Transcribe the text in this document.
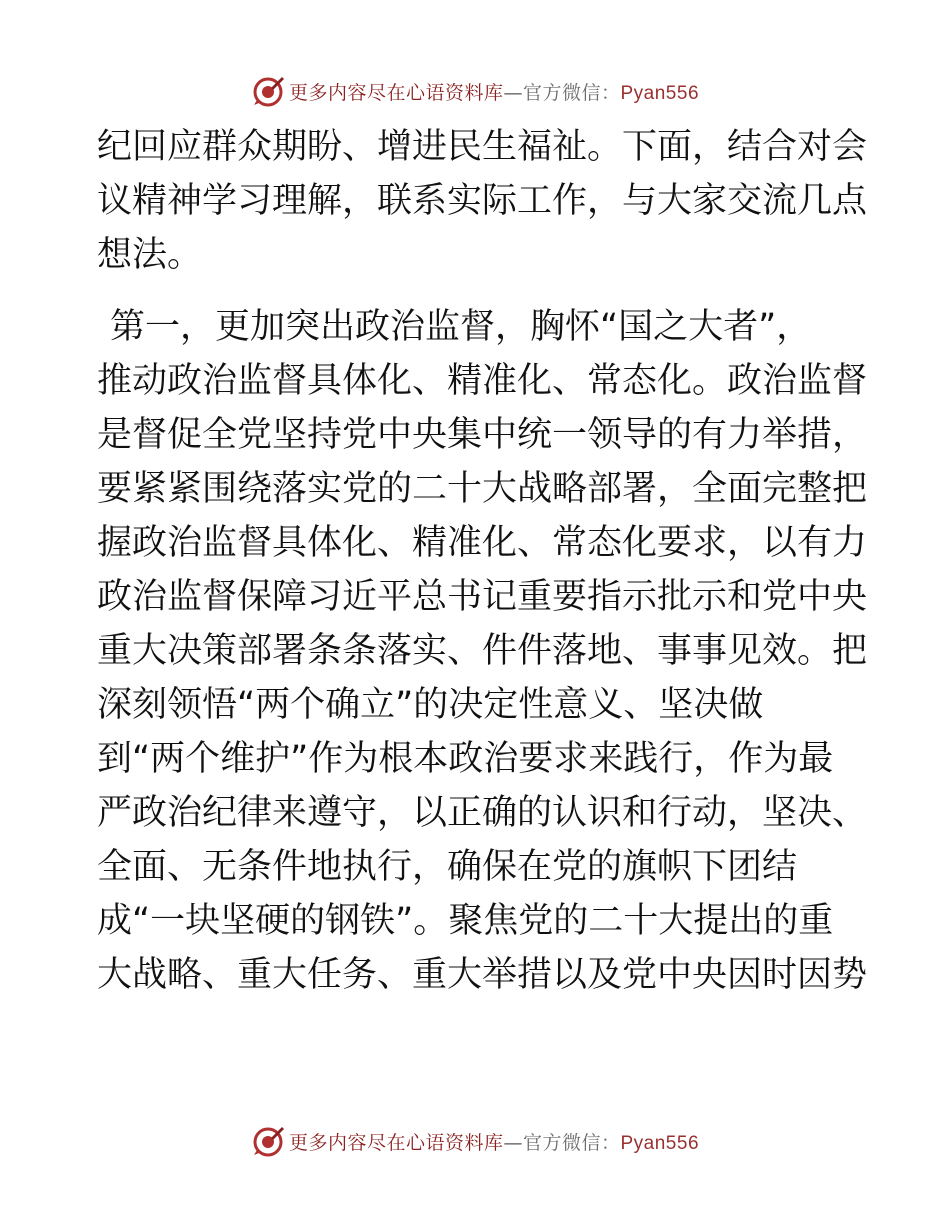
更多内容尽在心语资料库—官方微信：Pyan556
纪回应群众期盼、增进民生福祉。下面，结合对会
议精神学习理解，联系实际工作，与大家交流几点
想法。
第一，更加突出政治监督，胸怀“国之大者”，
推动政治监督具体化、精准化、常态化。政治监督
是督促全党坚持党中央集中统一领导的有力举措，
要紧紧围绕落实党的二十大战略部署，全面完整把
握政治监督具体化、精准化、常态化要求，以有力
政治监督保障习近平总书记重要指示批示和党中央
重大决策部署条条落实、件件落地、事事见效。把
深刻领悟“两个确立”的决定性意义、坚决做
到“两个维护”作为根本政治要求来践行，作为最
严政治纪律来遵守，以正确的认识和行动，坚决、
全面、无条件地执行，确保在党的旗帜下团结
成“一块坚硬的钢铁”。聚焦党的二十大提出的重
大战略、重大任务、重大举措以及党中央因时因势
更多内容尽在心语资料库—官方微信：Pyan556
